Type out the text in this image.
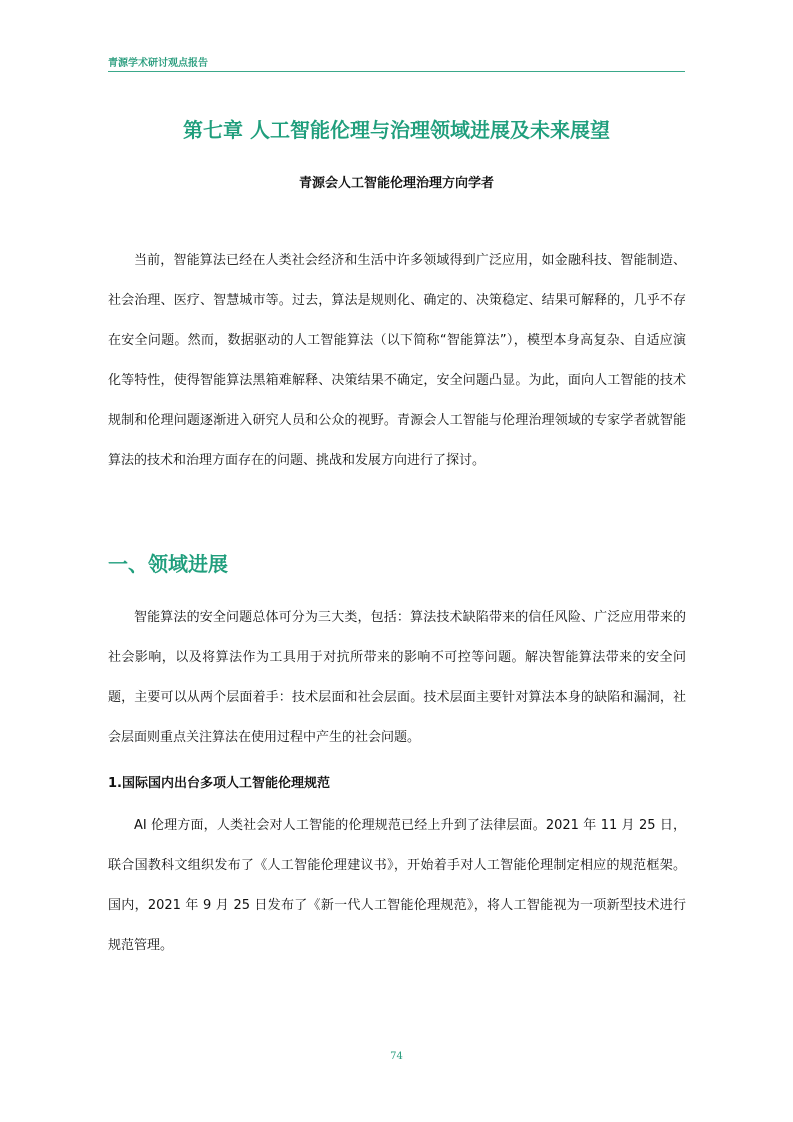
青源学术研讨观点报告
第七章 人工智能伦理与治理领域进展及未来展望
青源会人工智能伦理治理方向学者
当前，智能算法已经在人类社会经济和生活中许多领域得到广泛应用，如金融科技、智能制造、社会治理、医疗、智慧城市等。过去，算法是规则化、确定的、决策稳定、结果可解释的，几乎不存在安全问题。然而，数据驱动的人工智能算法（以下简称“智能算法”），模型本身高复杂、自适应演化等特性，使得智能算法黑箱难解释、决策结果不确定，安全问题凸显。为此，面向人工智能的技术规制和伦理问题逐渐进入研究人员和公众的视野。青源会人工智能与伦理治理领域的专家学者就智能算法的技术和治理方面存在的问题、挑战和发展方向进行了探讨。
一、领域进展
智能算法的安全问题总体可分为三大类，包括：算法技术缺陷带来的信任风险、广泛应用带来的社会影响，以及将算法作为工具用于对抗所带来的影响不可控等问题。解决智能算法带来的安全问题，主要可以从两个层面着手：技术层面和社会层面。技术层面主要针对算法本身的缺陷和漏洞，社会层面则重点关注算法在使用过程中产生的社会问题。
1.国际国内出台多项人工智能伦理规范
AI 伦理方面，人类社会对人工智能的伦理规范已经上升到了法律层面。2021 年 11 月 25 日，联合国教科文组织发布了《人工智能伦理建议书》，开始着手对人工智能伦理制定相应的规范框架。国内，2021 年 9 月 25 日发布了《新一代人工智能伦理规范》，将人工智能视为一项新型技术进行规范管理。
74
